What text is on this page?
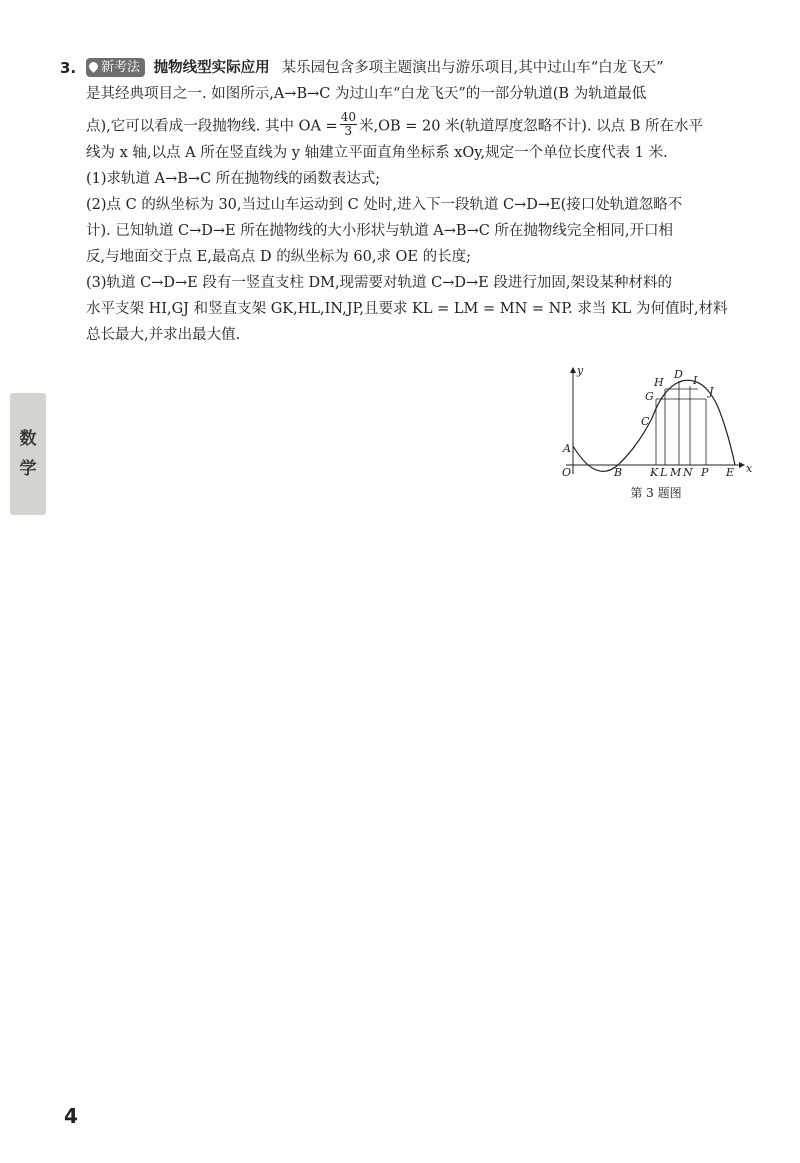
数
学
3. 新考法 抛物线型实际应用 某乐园包含多项主题演出与游乐项目,其中过山车“白龙飞天”
是其经典项目之一. 如图所示,A→B→C 为过山车“白龙飞天”的一部分轨道(B 为轨道最低
点),它可以看成一段抛物线. 其中 OA = $\frac{40}{3}$ 米,OB = 20 米(轨道厚度忽略不计). 以点 B 所在水平
线为 x 轴,以点 A 所在竖直线为 y 轴建立平面直角坐标系 xOy,规定一个单位长度代表 1 米.
(1)求轨道 A→B→C 所在抛物线的函数表达式;
(2)点 C 的纵坐标为 30,当过山车运动到 C 处时,进入下一段轨道 C→D→E(接口处轨道忽略不
计). 已知轨道 C→D→E 所在抛物线的大小形状与轨道 A→B→C 所在抛物线完全相同,开口相
反,与地面交于点 E,最高点 D 的纵坐标为 60,求 OE 的长度;
(3)轨道 C→D→E 段有一竖直支柱 DM,现需要对轨道 C→D→E 段进行加固,架设某种材料的
水平支架 HI,GJ 和竖直支架 GK,HL,IN,JP,且要求 KL = LM = MN = NP. 求当 KL 为何值时,材料
总长最大,并求出最大值.
y
x
O
A
B
C
H
D I
G	J
K L M N P E
第 3 题图
4
